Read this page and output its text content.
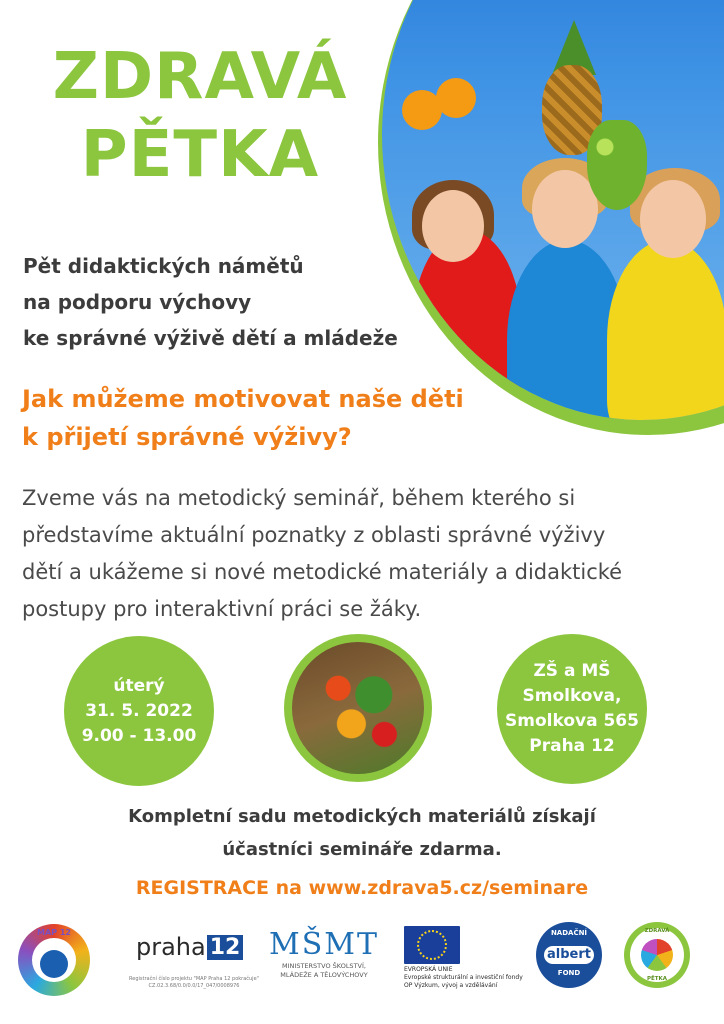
ZDRAVÁ
PĚTKA

Pět didaktických námětů
na podporu výchovy
ke správné výživě dětí a mládeže

Jak můžeme motivovat naše děti
k přijetí správné výživy?

Zveme vás na metodický seminář, během kterého si
představíme aktuální poznatky z oblasti správné výživy
dětí a ukážeme si nové metodické materiály a didaktické
postupy pro interaktivní práci se žáky.

úterý
31. 5. 2022
9.00 - 13.00
ZŠ a MŠ
Smolkova,
Smolkova 565
Praha 12

Kompletní sadu metodických materiálů získají
účastníci semináře zdarma.

REGISTRACE na www.zdrava5.cz/seminare

MAP 12
praha 12
Registrační číslo projektu "MAP Praha 12 pokračuje" CZ.02.3.68/0.0/0.0/17_047/0008976
MŠMT
MINISTERSTVO ŠKOLSTVÍ,
MLÁDEŽE A TĚLOVÝCHOVY
EVROPSKÁ UNIE
Evropské strukturální a investiční fondy
OP Výzkum, vývoj a vzdělávání
NADAČNÍ
albert
FOND
ZDRAVÁ
PĚTKA
